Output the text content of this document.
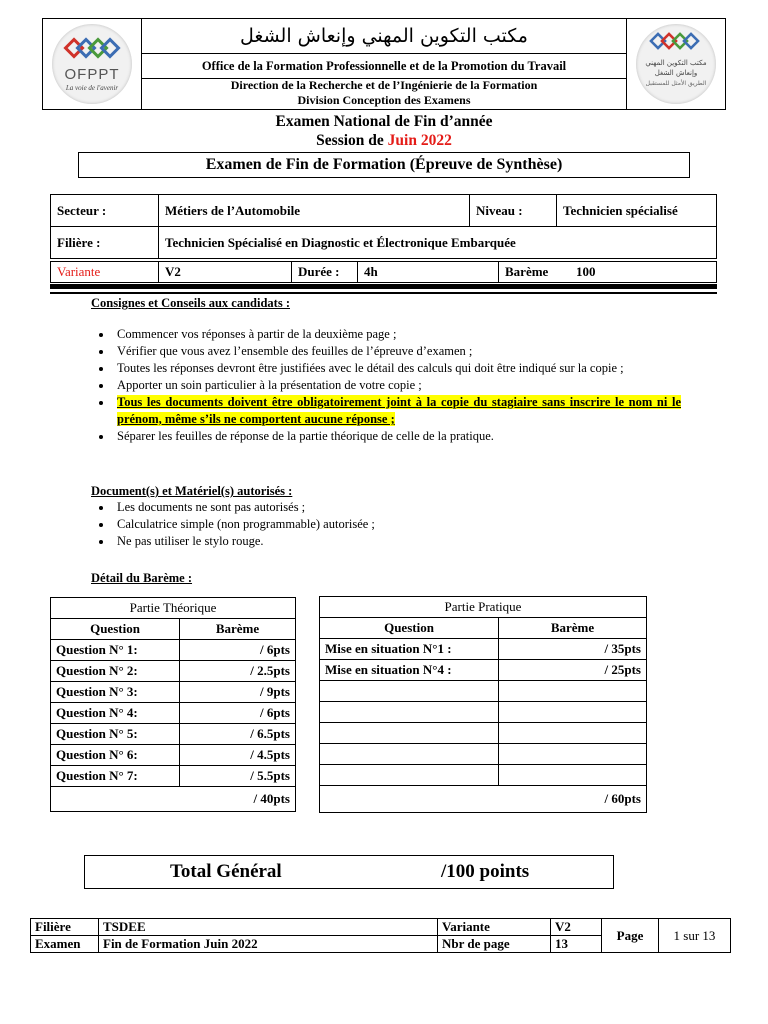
OFPPT
La voie de l'avenir
مكتب التكوين المهني وإنعاش الشغل
Office de la Formation Professionnelle et de la Promotion du Travail
Direction de la Recherche et de l’Ingénierie de la Formation
Division Conception des Examens
مكتب التكوين المهني وإنعاش الشغل
الطريق الأمثل للمستقبل
Examen National de Fin d’année
Session de Juin 2022
Examen de Fin de Formation (Épreuve de Synthèse)
Secteur :	Métiers de l’Automobile	Niveau :	Technicien spécialisé
Filière :	Technicien Spécialisé en Diagnostic et Électronique Embarquée		
Variante	V2	Durée :	4h	Barème	100
Consignes et Conseils aux candidats :
• Commencer vos réponses à partir de la deuxième page ;
• Vérifier que vous avez l’ensemble des feuilles de l’épreuve d’examen ;
• Toutes les réponses devront être justifiées avec le détail des calculs qui doit être indiqué sur la copie ;
• Apporter un soin particulier à la présentation de votre copie ;
• Tous les documents doivent être obligatoirement joint à la copie du stagiaire sans inscrire le nom ni le prénom, même s’ils ne comportent aucune réponse ;
• Séparer les feuilles de réponse de la partie théorique de celle de la pratique.
Document(s) et Matériel(s) autorisés :
• Les documents ne sont pas autorisés ;
• Calculatrice simple (non programmable) autorisée ;
• Ne pas utiliser le stylo rouge.
Détail du Barème :
Partie Théorique	
Question	Barème
Question N° 1:	/ 6pts
Question N° 2:	/ 2.5pts
Question N° 3:	/ 9pts
Question N° 4:	/ 6pts
Question N° 5:	/ 6.5pts
Question N° 6:	/ 4.5pts
Question N° 7:	/ 5.5pts
/ 40pts	
Partie Pratique	
Question	Barème
Mise en situation N°1 :	/ 35pts
Mise en situation N°4 :	/ 25pts

/ 60pts	
Total Général	/100 points
Filière	TSDEE	Variante	V2	Page	1 sur 13
Examen	Fin de Formation Juin 2022	Nbr de page	13		
